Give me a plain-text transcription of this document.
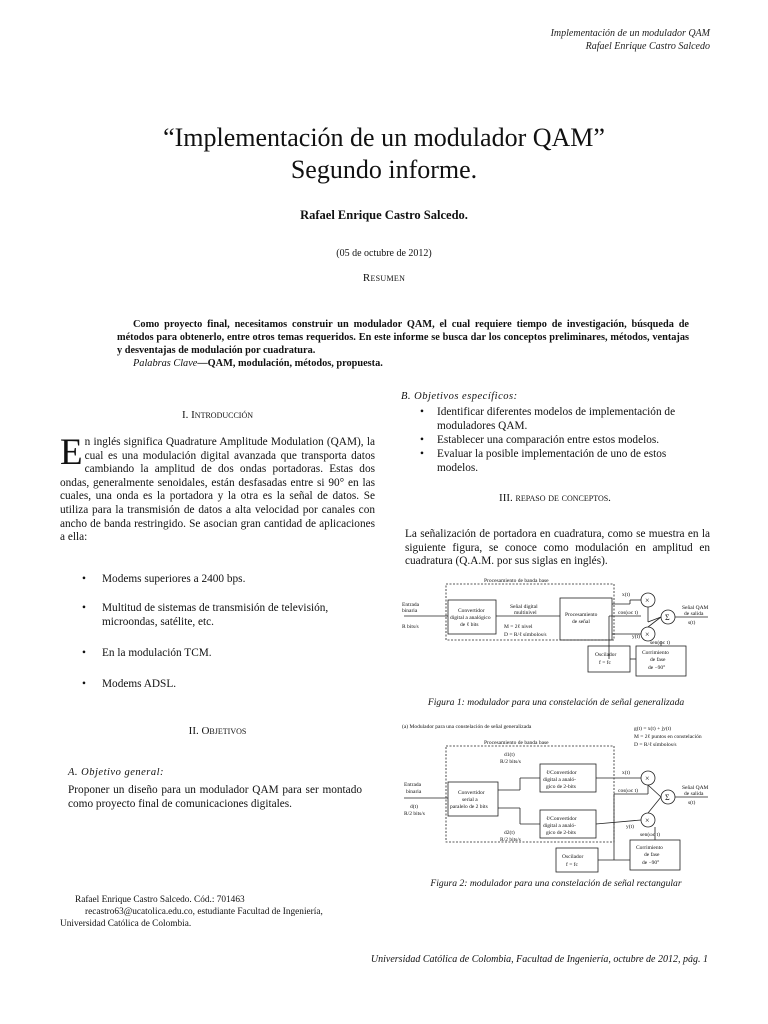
Implementación de un modulador QAM
Rafael Enrique Castro Salcedo
“Implementación de un modulador QAM”
Segundo informe.
Rafael Enrique Castro Salcedo.
(05 de octubre de 2012)
Resumen
Como proyecto final, necesitamos construir un modulador QAM, el cual requiere tiempo de investigación, búsqueda de métodos para obtenerlo, entre otros temas requeridos. En este informe se busca dar los conceptos preliminares, métodos, ventajas y desventajas de modulación por cuadratura.
Palabras Clave—QAM, modulación, métodos, propuesta.
I. Introducción
En inglés significa Quadrature Amplitude Modulation (QAM), la cual es una modulación digital avanzada que transporta datos cambiando la amplitud de dos ondas portadoras. Estas dos ondas, generalmente senoidales, están desfasadas entre si 90° en las cuales, una onda es la portadora y la otra es la señal de datos. Se utiliza para la transmisión de datos a alta velocidad por canales con ancho de banda restringido. Se asocian gran cantidad de aplicaciones a ella:
• Modems superiores a 2400 bps.
• Multitud de sistemas de transmisión de televisión, microondas, satélite, etc.
• En la modulación TCM.
• Modems ADSL.
II. Objetivos
A. Objetivo general:
Proponer un diseño para un modulador QAM para ser montado como proyecto final de comunicaciones digitales.
Rafael Enrique Castro Salcedo. Cód.: 701463
recastro63@ucatolica.edu.co, estudiante Facultad de Ingeniería,
Universidad Católica de Colombia.
B. Objetivos específicos:
• Identificar diferentes modelos de implementación de moduladores QAM.
• Establecer una comparación entre estos modelos.
• Evaluar la posible implementación de uno de estos modelos.
III. repaso de conceptos.
La señalización de portadora en cuadratura, como se muestra en la siguiente figura, se conoce como modulación en amplitud en cuadratura (Q.A.M. por sus siglas en inglés).
Procesamiento de banda base
Entrada
binaria
R bits/s
Convertidor
digital a analógico
de ℓ bits
Señal digital
multinivel
M = 2ℓ nivel
D = R/ℓ símbolos/s
Procesamiento
de señal
x(t)
y(t)
cos(ωc t)
sen(ωc t)
Oscilador
f = fc
Corrimiento
de fase
de −90°
Señal QAM
de salida
s(t)
×
Σ
×
Figura 1: modulador para una constelación de señal generalizada
(a) Modulador para una constelación de señal generalizada	g(t) = x(t) + jy(t)
M = 2ℓ puntos en constelación
D = R/ℓ símbolos/s
Procesamiento de banda base
Entrada
binaria
d(t)
R/2 bits/s
d1(t)
R/2 bits/s
d2(t)
R/2 bits/s
Convertidor
serial a
paralelo de 2 bits
ℓ/Convertidor
digital a analó-
gico de 2-bits
ℓ/Convertidor
digital a analó-
gico de 2-bits
x(t)
y(t)
cos(ωc t)
sen(ωc t)
Oscilador
f = fc
Corrimiento
de fase
de −90°
Señal QAM
de salida
s(t)
×
Σ
×
Figura 2: modulador para una constelación de señal rectangular
Universidad Católica de Colombia, Facultad de Ingeniería, octubre de 2012, pág. 1
